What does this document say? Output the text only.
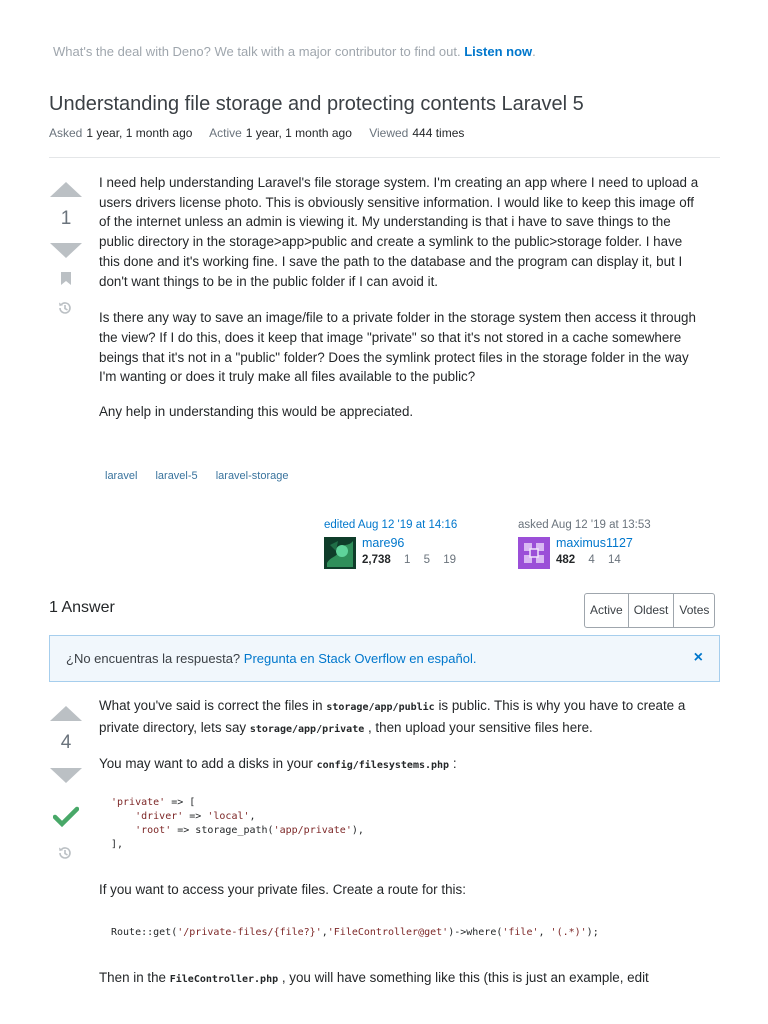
What's the deal with Deno? We talk with a major contributor to find out. Listen now.
Understanding file storage and protecting contents Laravel 5
Asked 1 year, 1 month ago Active 1 year, 1 month ago Viewed 444 times
1

I need help understanding Laravel's file storage system. I'm creating an app where I need to upload a users drivers license photo. This is obviously sensitive information. I would like to keep this image off of the internet unless an admin is viewing it. My understanding is that i have to save things to the public directory in the storage>app>public and create a symlink to the public>storage folder. I have this done and it's working fine. I save the path to the database and the program can display it, but I don't want things to be in the public folder if I can avoid it.

Is there any way to save an image/file to a private folder in the storage system then access it through the view? If I do this, does it keep that image "private" so that it's not stored in a cache somewhere beings that it's not in a "public" folder? Does the symlink protect files in the storage folder in the way I'm wanting or does it truly make all files available to the public?

Any help in understanding this would be appreciated.

laravel laravel-5 laravel-storage
edited Aug 12 '19 at 14:16
mare96
2,738 1 5 19
asked Aug 12 '19 at 13:53
maximus1127
482 4 14
1 Answer	Active Oldest Votes
¿No encuentras la respuesta? Pregunta en Stack Overflow en español.	×
4

What you've said is correct the files in storage/app/public is public. This is why you have to create a private directory, lets say storage/app/private , then upload your sensitive files here.

You may want to add a disks in your config/filesystems.php :

'private' => [
'driver' => 'local',
'root' => storage_path('app/private'),
],

If you want to access your private files. Create a route for this:

Route::get('/private-files/{file?}','FileController@get')->where('file', '(.*)');

Then in the FileController.php , you will have something like this (this is just an example, edit
